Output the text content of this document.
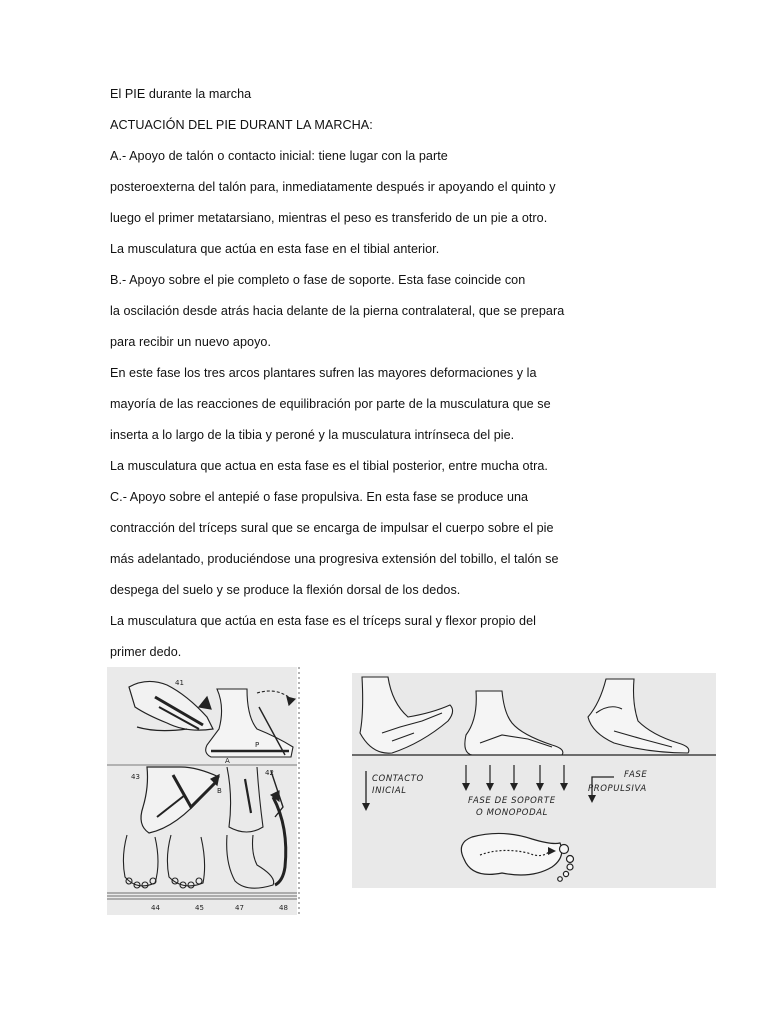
El PIE durante la marcha
ACTUACIÓN DEL PIE DURANT LA MARCHA:
A.- Apoyo de talón o contacto inicial: tiene lugar con la parte
posteroexterna del talón para, inmediatamente después ir apoyando el quinto y
luego el primer metatarsiano, mientras el peso es transferido de un pie a otro.
La musculatura que actúa en esta fase en el tibial anterior.
B.- Apoyo sobre el pie completo o fase de soporte. Esta fase coincide con
la oscilación desde atrás hacia delante de la pierna contralateral, que se prepara
para recibir un nuevo apoyo.
En este fase los tres arcos plantares sufren las mayores deformaciones y la
mayoría de las reacciones de equilibración por parte de la musculatura que se
inserta a lo largo de la tibia y peroné y la musculatura intrínseca del pie.
La musculatura que actua en esta fase es el tibial posterior, entre mucha otra.
C.- Apoyo sobre el antepié o fase propulsiva. En esta fase se produce una
contracción del tríceps sural que se encarga de impulsar el cuerpo sobre el pie
más adelantado, produciéndose una progresiva extensión del tobillo, el talón se
despega del suelo y se produce la flexión dorsal de los dedos.
La musculatura que actúa en esta fase es el tríceps sural y flexor propio del
primer dedo.
41
P
A
43
B
42
44	45	47	48
CONTACTO
INICIAL
FASE DE SOPORTE
O MONOPODAL
FASE
PROPULSIVA
